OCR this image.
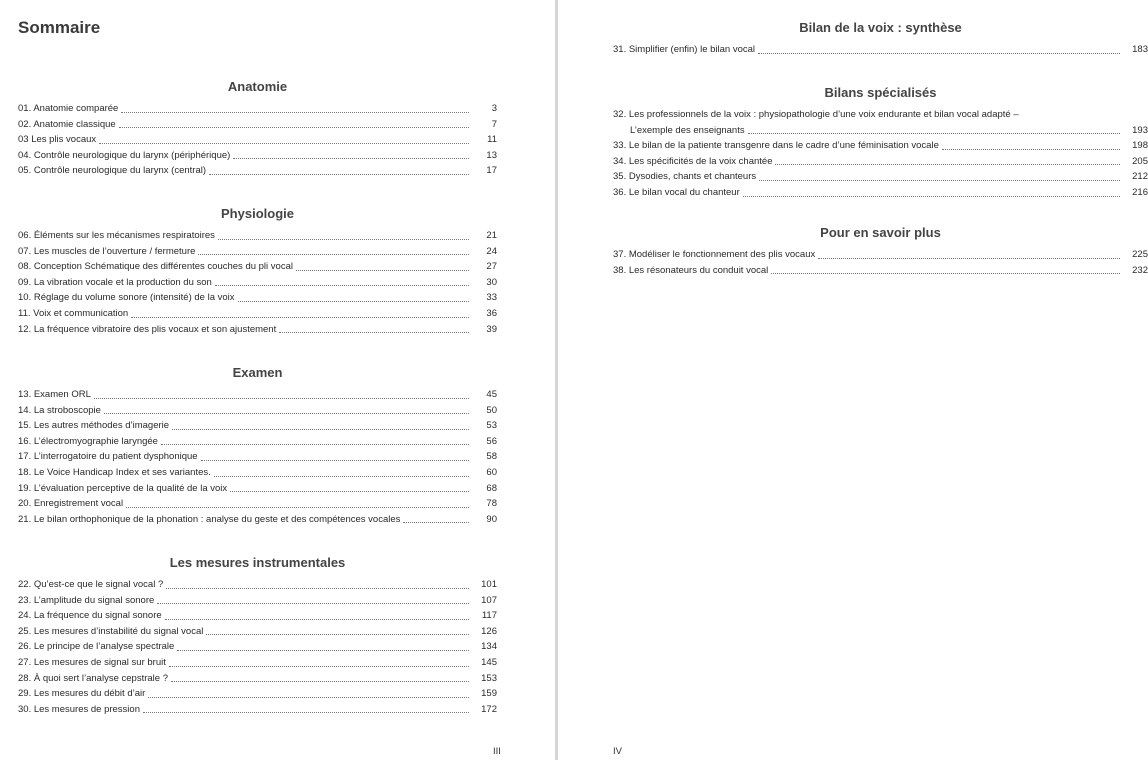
Sommaire
Anatomie
01. Anatomie comparée	3
02. Anatomie classique	7
03 Les plis vocaux	11
04. Contrôle neurologique du larynx (périphérique)	13
05. Contrôle neurologique du larynx (central)	17
Physiologie
06. Éléments sur les mécanismes respiratoires	21
07. Les muscles de l’ouverture / fermeture	24
08. Conception Schématique des différentes couches du pli vocal	27
09. La vibration vocale et la production du son	30
10. Réglage du volume sonore (intensité) de la voix	33
11. Voix et communication	36
12. La fréquence vibratoire des plis vocaux et son ajustement	39
Examen
13. Examen ORL	45
14. La stroboscopie	50
15. Les autres méthodes d’imagerie	53
16. L’électromyographie laryngée	56
17. L’interrogatoire du patient dysphonique	58
18. Le Voice Handicap Index et ses variantes.	60
19. L’évaluation perceptive de la qualité de la voix	68
20. Enregistrement vocal	78
21. Le bilan orthophonique de la phonation : analyse du geste et des compétences vocales	90
Les mesures instrumentales
22. Qu’est-ce que le signal vocal ?	101
23. L’amplitude du signal sonore	107
24. La fréquence du signal sonore	117
25. Les mesures d’instabilité du signal vocal	126
26. Le principe de l’analyse spectrale	134
27. Les mesures de signal sur bruit	145
28. À quoi sert l’analyse cepstrale ?	153
29. Les mesures du débit d’air	159
30. Les mesures de pression	172
III
Bilan de la voix : synthèse
31. Simplifier (enfin) le bilan vocal	183
Bilans spécialisés
32. Les professionnels de la voix : physiopathologie d’une voix endurante et bilan vocal adapté –
L’exemple des enseignants	193
33. Le bilan de la patiente transgenre dans le cadre d’une féminisation vocale	198
34. Les spécificités de la voix chantée	205
35. Dysodies, chants et chanteurs	212
36. Le bilan vocal du chanteur	216
Pour en savoir plus
37. Modéliser le fonctionnement des plis vocaux	225
38. Les résonateurs du conduit vocal	232
IV
